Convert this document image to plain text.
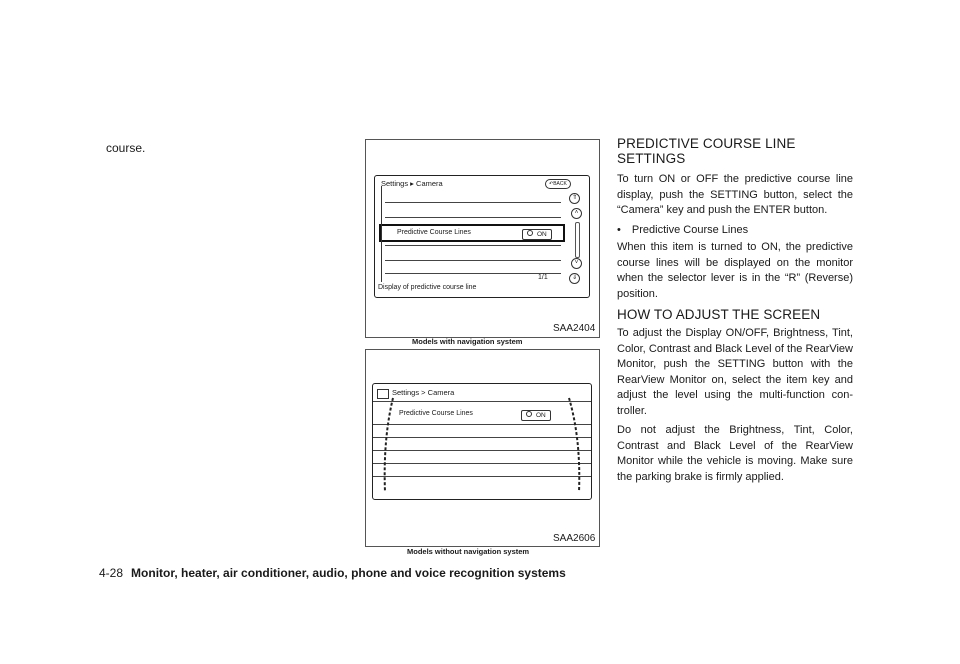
course.
Settings ▸ Camera	↶BACK
Predictive Course Lines	ON
1/1
Display of predictive course line
⇑
˄
˅
⇓
SAA2404
Models with navigation system
Settings > Camera
Predictive Course Lines	ON
SAA2606
Models without navigation system
PREDICTIVE COURSE LINE SETTINGS

To turn ON or OFF the predictive course line display, push the SETTING button, select the “Camera” key and push the ENTER button.

• Predictive Course Lines

When this item is turned to ON, the predictive course lines will be displayed on the monitor when the selector lever is in the “R” (Reverse) position.

HOW TO ADJUST THE SCREEN

To adjust the Display ON/OFF, Brightness, Tint, Color, Contrast and Black Level of the RearView Monitor, push the SETTING button with the RearView Monitor on, select the item key and adjust the level using the multi-function con- troller.

Do not adjust the Brightness, Tint, Color, Contrast and Black Level of the RearView Monitor while the vehicle is moving. Make sure the parking brake is firmly applied.

4-28 Monitor, heater, air conditioner, audio, phone and voice recognition systems
